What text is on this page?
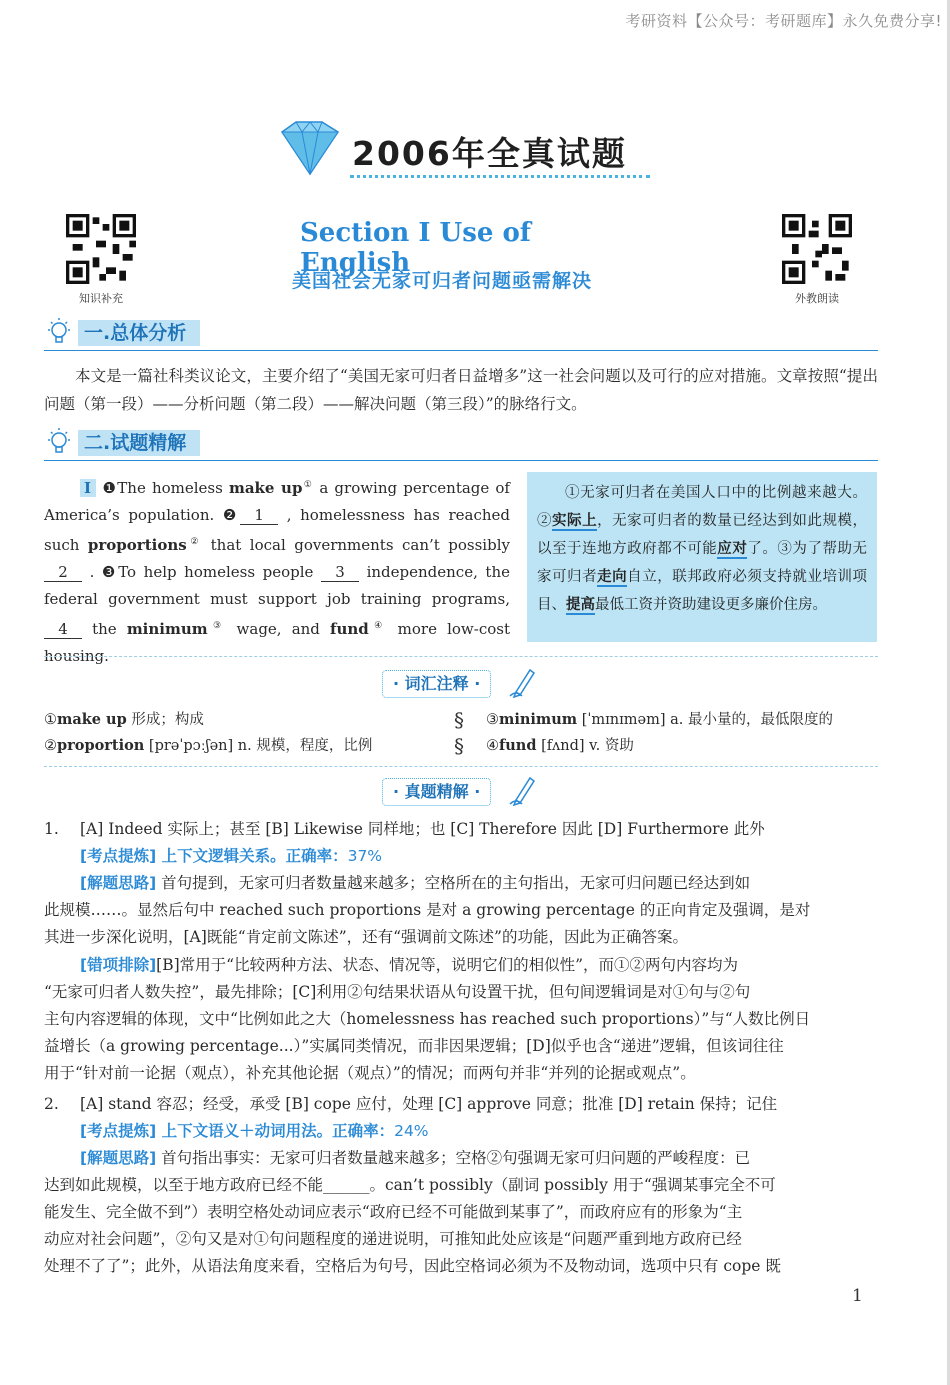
考研资料【公众号：考研题库】永久免费分享!
2006年全真试题
知识补充	外教朗读
Section Ⅰ Use of English
美国社会无家可归者问题亟需解决
一.总体分析
本文是一篇社科类议论文，主要介绍了“美国无家可归者日益增多”这一社会问题以及可行的应对措施。文章按照“提出问题（第一段）——分析问题（第二段）——解决问题（第三段）”的脉络行文。
二.试题精解
Ⅰ ❶The homeless make up① a growing percentage of America’s population. ❷ 1 , homelessness has reached such proportions② that local governments can’t possibly 2 . ❸To help homeless people 3 independence, the federal government must support job training programs, 4 the minimum③ wage, and fund④ more low-cost housing.
①无家可归者在美国人口中的比例越来越大。②实际上，无家可归者的数量已经达到如此规模，以至于连地方政府都不可能应对了。③为了帮助无家可归者走向自立，联邦政府必须支持就业培训项目、提高最低工资并资助建设更多廉价住房。
· 词汇注释 ·
①make up 形成；构成
②proportion [prəˈpɔːʃən] n. 规模，程度，比例
§
§
③minimum [ˈmɪnɪməm] a. 最小量的，最低限度的
④fund [fʌnd] v. 资助
· 真题精解 ·
1. [A] Indeed 实际上；甚至 [B] Likewise 同样地；也 [C] Therefore 因此 [D] Furthermore 此外
[考点提炼] 上下文逻辑关系。正确率：37%
[解题思路] 首句提到，无家可归者数量越来越多；空格所在的主句指出，无家可归问题已经达到如
此规模……。显然后句中 reached such proportions 是对 a growing percentage 的正向肯定及强调，是对
其进一步深化说明，[A]既能“肯定前文陈述”，还有“强调前文陈述”的功能，因此为正确答案。
[错项排除][B]常用于“比较两种方法、状态、情况等，说明它们的相似性”，而①②两句内容均为
“无家可归者人数失控”，最先排除；[C]利用②句结果状语从句设置干扰，但句间逻辑词是对①句与②句
主句内容逻辑的体现，文中“比例如此之大（homelessness has reached such proportions）”与“人数比例日
益增长（a growing percentage...）”实属同类情况，而非因果逻辑；[D]似乎也含“递进”逻辑，但该词往往
用于“针对前一论据（观点），补充其他论据（观点）”的情况；而两句并非“并列的论据或观点”。
2. [A] stand 容忍；经受，承受 [B] cope 应付，处理 [C] approve 同意；批准 [D] retain 保持；记住
[考点提炼] 上下文语义＋动词用法。正确率：24%
[解题思路] 首句指出事实：无家可归者数量越来越多；空格②句强调无家可归问题的严峻程度：已
达到如此规模，以至于地方政府已经不能______。can’t possibly（副词 possibly 用于“强调某事完全不可
能发生、完全做不到”）表明空格处动词应表示“政府已经不可能做到某事了”，而政府应有的形象为“主
动应对社会问题”，②句又是对①句问题程度的递进说明，可推知此处应该是“问题严重到地方政府已经
处理不了了”；此外，从语法角度来看，空格后为句号，因此空格词必须为不及物动词，选项中只有 cope 既
1
